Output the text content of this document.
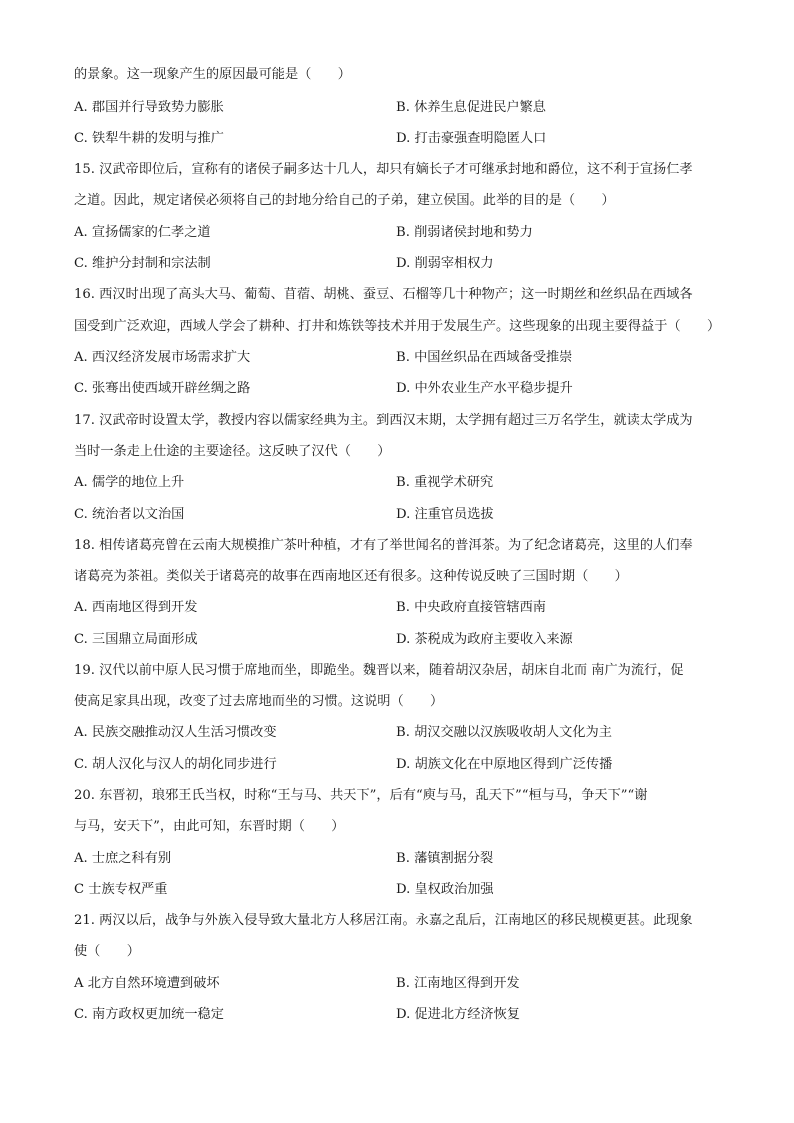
的景象。这一现象产生的原因最可能是（　　）
A. 郡国并行导致势力膨胀	B. 休养生息促进民户繁息
C. 铁犁牛耕的发明与推广	D. 打击豪强查明隐匿人口
15. 汉武帝即位后，宣称有的诸侯子嗣多达十几人，却只有嫡长子才可继承封地和爵位，这不利于宣扬仁孝
之道。因此，规定诸侯必须将自己的封地分给自己的子弟，建立侯国。此举的目的是（　　）
A. 宣扬儒家的仁孝之道	B. 削弱诸侯封地和势力
C. 维护分封制和宗法制	D. 削弱宰相权力
16. 西汉时出现了高头大马、葡萄、苜蓿、胡桃、蚕豆、石榴等几十种物产；这一时期丝和丝织品在西域各
国受到广泛欢迎，西域人学会了耕种、打井和炼铁等技术并用于发展生产。这些现象的出现主要得益于（　　）
A. 西汉经济发展市场需求扩大	B. 中国丝织品在西域备受推崇
C. 张骞出使西域开辟丝绸之路	D. 中外农业生产水平稳步提升
17. 汉武帝时设置太学，教授内容以儒家经典为主。到西汉末期，太学拥有超过三万名学生，就读太学成为
当时一条走上仕途的主要途径。这反映了汉代（　　）
A. 儒学的地位上升	B. 重视学术研究
C. 统治者以文治国	D. 注重官员选拔
18. 相传诸葛亮曾在云南大规模推广茶叶种植，才有了举世闻名的普洱茶。为了纪念诸葛亮，这里的人们奉
诸葛亮为茶祖。类似关于诸葛亮的故事在西南地区还有很多。这种传说反映了三国时期（　　）
A. 西南地区得到开发	B. 中央政府直接管辖西南
C. 三国鼎立局面形成	D. 茶税成为政府主要收入来源
19. 汉代以前中原人民习惯于席地而坐，即跪坐。魏晋以来，随着胡汉杂居，胡床自北而 南广为流行，促
使高足家具出现，改变了过去席地而坐的习惯。这说明（　　）
A. 民族交融推动汉人生活习惯改变	B. 胡汉交融以汉族吸收胡人文化为主
C. 胡人汉化与汉人的胡化同步进行	D. 胡族文化在中原地区得到广泛传播
20. 东晋初，琅邪王氏当权，时称“王与马、共天下”，后有“庾与马，乱天下”“桓与马，争天下”“谢
与马，安天下”，由此可知，东晋时期（　　）
A. 士庶之科有别	B. 藩镇割据分裂
C 士族专权严重	D. 皇权政治加强
21. 两汉以后，战争与外族入侵导致大量北方人移居江南。永嘉之乱后，江南地区的移民规模更甚。此现象
使（　　）
A 北方自然环境遭到破坏	B. 江南地区得到开发
C. 南方政权更加统一稳定	D. 促进北方经济恢复
